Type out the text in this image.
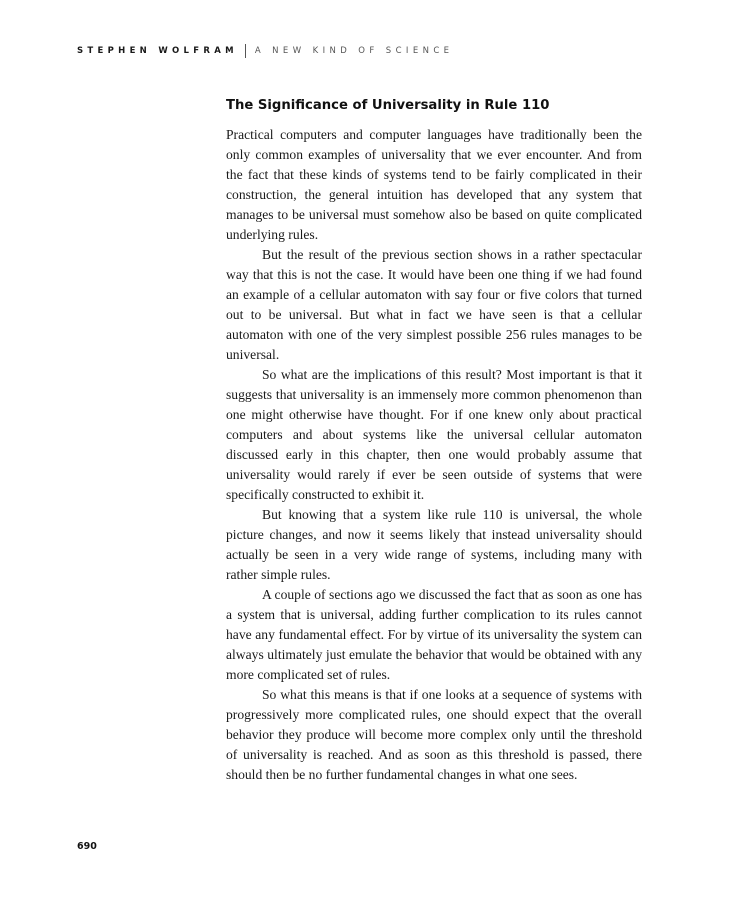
STEPHEN WOLFRAM A NEW KIND OF SCIENCE
The Significance of Universality in Rule 110

Practical computers and computer languages have traditionally been the only common examples of universality that we ever encounter. And from the fact that these kinds of systems tend to be fairly complicated in their construction, the general intuition has developed that any system that manages to be universal must somehow also be based on quite complicated underlying rules.

But the result of the previous section shows in a rather spectacular way that this is not the case. It would have been one thing if we had found an example of a cellular automaton with say four or five colors that turned out to be universal. But what in fact we have seen is that a cellular automaton with one of the very simplest possible 256 rules manages to be universal.

So what are the implications of this result? Most important is that it suggests that universality is an immensely more common phenomenon than one might otherwise have thought. For if one knew only about practical computers and about systems like the universal cellular automaton discussed early in this chapter, then one would probably assume that universality would rarely if ever be seen outside of systems that were specifically constructed to exhibit it.

But knowing that a system like rule 110 is universal, the whole picture changes, and now it seems likely that instead universality should actually be seen in a very wide range of systems, including many with rather simple rules.

A couple of sections ago we discussed the fact that as soon as one has a system that is universal, adding further complication to its rules cannot have any fundamental effect. For by virtue of its universality the system can always ultimately just emulate the behavior that would be obtained with any more complicated set of rules.

So what this means is that if one looks at a sequence of systems with progressively more complicated rules, one should expect that the overall behavior they produce will become more complex only until the threshold of universality is reached. And as soon as this threshold is passed, there should then be no further fundamental changes in what one sees.

690
